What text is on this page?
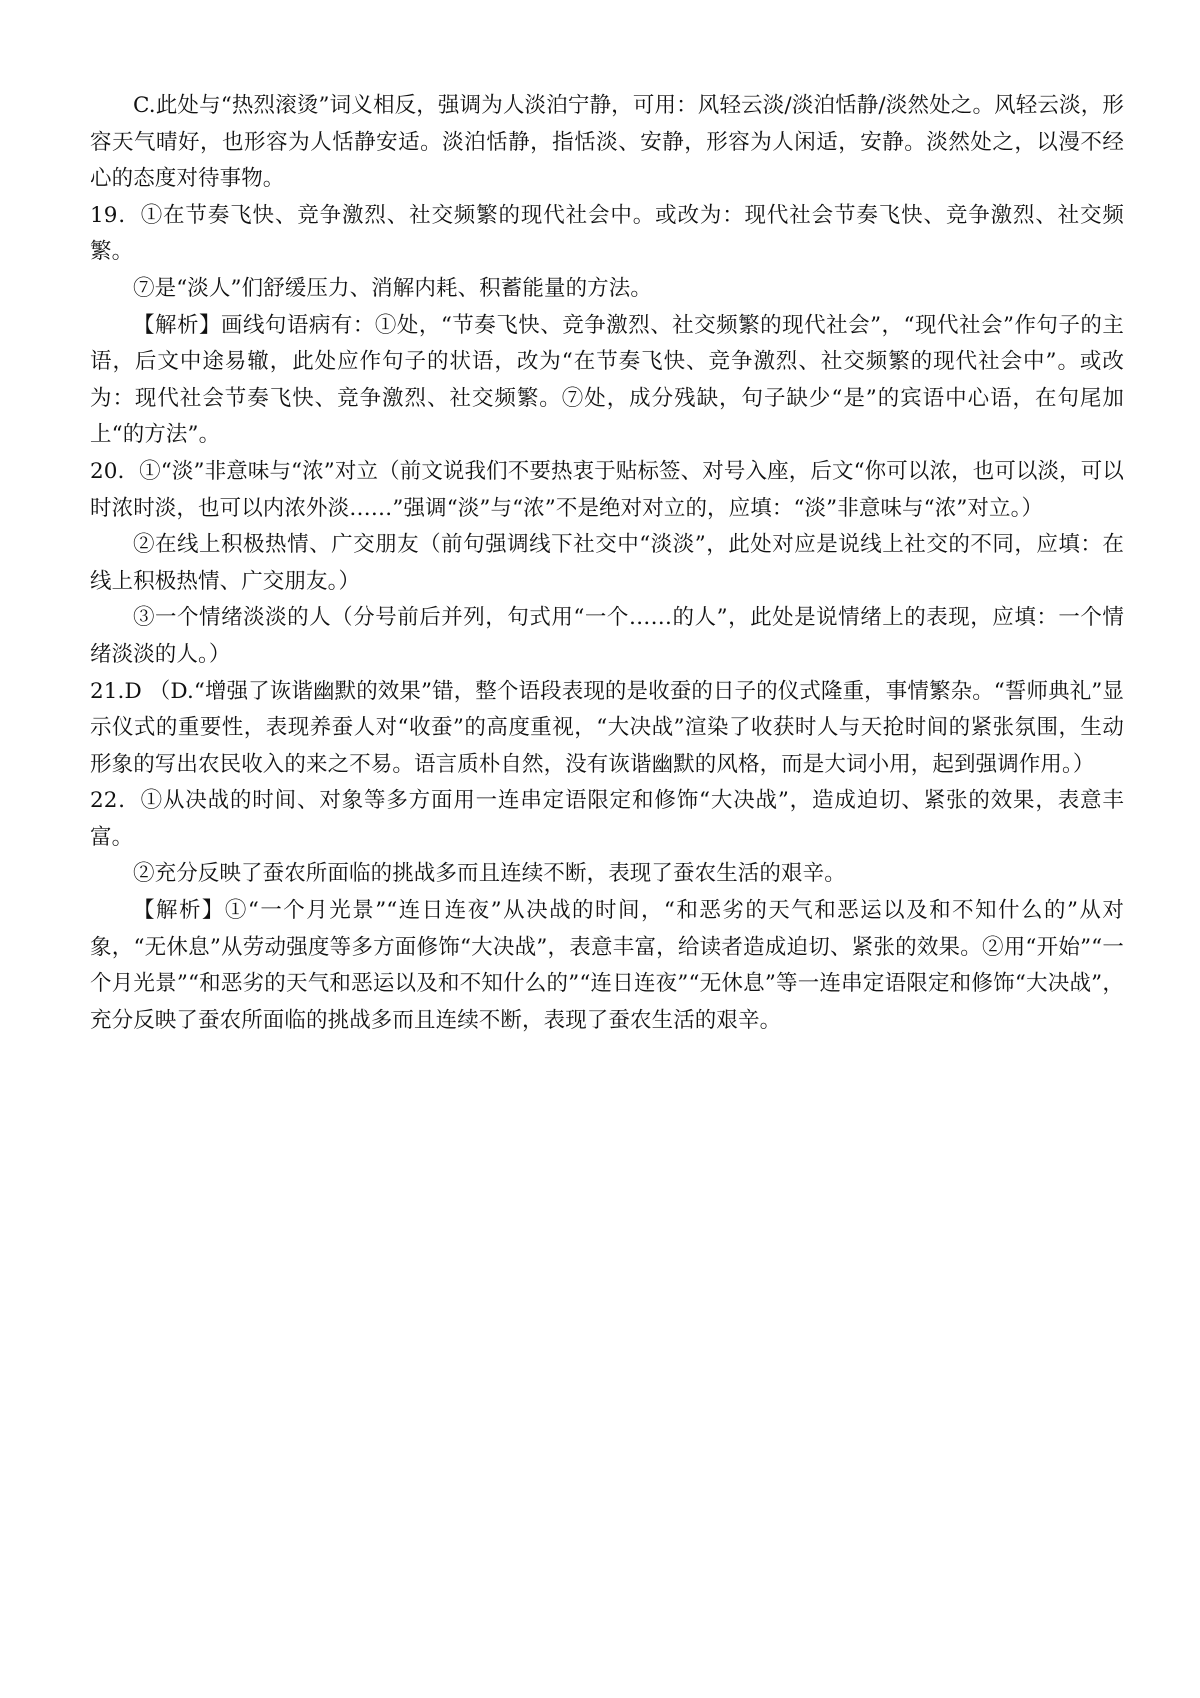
C.此处与“热烈滚烫”词义相反，强调为人淡泊宁静，可用：风轻云淡/淡泊恬静/淡然处之。风轻云淡，形容天气晴好，也形容为人恬静安适。淡泊恬静，指恬淡、安静，形容为人闲适，安静。淡然处之，以漫不经心的态度对待事物。

19．①在节奏飞快、竞争激烈、社交频繁的现代社会中。或改为：现代社会节奏飞快、竞争激烈、社交频繁。

⑦是“淡人”们舒缓压力、消解内耗、积蓄能量的方法。

【解析】画线句语病有：①处，“节奏飞快、竞争激烈、社交频繁的现代社会”，“现代社会”作句子的主语，后文中途易辙，此处应作句子的状语，改为“在节奏飞快、竞争激烈、社交频繁的现代社会中”。或改为：现代社会节奏飞快、竞争激烈、社交频繁。⑦处，成分残缺，句子缺少“是”的宾语中心语，在句尾加上“的方法”。

20．①“淡”非意味与“浓”对立（前文说我们不要热衷于贴标签、对号入座，后文“你可以浓，也可以淡，可以时浓时淡，也可以内浓外淡……”强调“淡”与“浓”不是绝对对立的，应填：“淡”非意味与“浓”对立。）

②在线上积极热情、广交朋友（前句强调线下社交中“淡淡”，此处对应是说线上社交的不同，应填：在线上积极热情、广交朋友。）

③一个情绪淡淡的人（分号前后并列，句式用“一个……的人”，此处是说情绪上的表现，应填：一个情绪淡淡的人。）

21.D （D.“增强了诙谐幽默的效果”错，整个语段表现的是收蚕的日子的仪式隆重，事情繁杂。“誓师典礼”显示仪式的重要性，表现养蚕人对“收蚕”的高度重视，“大决战”渲染了收获时人与天抢时间的紧张氛围，生动形象的写出农民收入的来之不易。语言质朴自然，没有诙谐幽默的风格，而是大词小用，起到强调作用。）

22．①从决战的时间、对象等多方面用一连串定语限定和修饰“大决战”，造成迫切、紧张的效果，表意丰富。

②充分反映了蚕农所面临的挑战多而且连续不断，表现了蚕农生活的艰辛。

【解析】①“一个月光景”“连日连夜”从决战的时间，“和恶劣的天气和恶运以及和不知什么的”从对象，“无休息”从劳动强度等多方面修饰“大决战”，表意丰富，给读者造成迫切、紧张的效果。②用“开始”“一个月光景”“和恶劣的天气和恶运以及和不知什么的”“连日连夜”“无休息”等一连串定语限定和修饰“大决战”，充分反映了蚕农所面临的挑战多而且连续不断，表现了蚕农生活的艰辛。
